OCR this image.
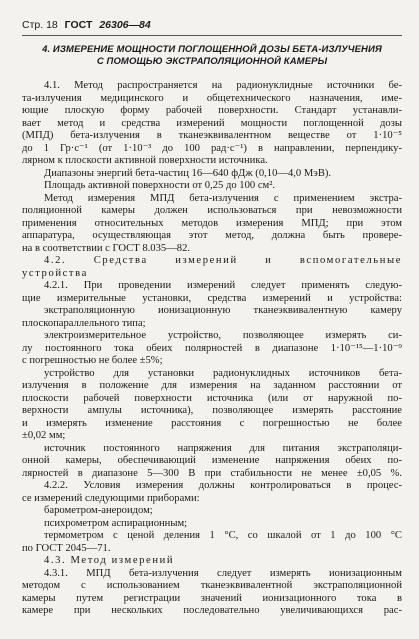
Стр. 18 ГОСТ 26306—84
4. ИЗМЕРЕНИЕ МОЩНОСТИ ПОГЛОЩЕННОЙ ДОЗЫ БЕТА-ИЗЛУЧЕНИЯ
С ПОМОЩЬЮ ЭКСТРАПОЛЯЦИОННОЙ КАМЕРЫ
4.1. Метод распространяется на радионуклидные источники бе-
та-излучения медицинского и общетехнического назначения, име-
ющие плоскую форму рабочей поверхности. Стандарт устанавли-
вает метод и средства измерений мощности поглощенной дозы
(МПД) бета-излучения в тканеэквивалентном веществе от 1·10⁻⁵
до 1 Гр·с⁻¹ (от 1·10⁻³ до 100 рад·с⁻¹) в направлении, перпендику-
лярном к плоскости активной поверхности источника.
Диапазоны энергий бета-частиц 16—640 фДж (0,10—4,0 МэВ).
Площадь активной поверхности от 0,25 до 100 см².
Метод измерения МПД бета-излучения с применением экстра-
поляционной камеры должен использоваться при невозможности
применения относительных методов измерения МПД; при этом
аппаратура, осуществляющая этот метод, должна быть провере-
на в соответствии с ГОСТ 8.035—82.
4.2. Средства измерений и вспомогательные
устройства
4.2.1. При проведении измерений следует применять следую-
щие измерительные установки, средства измерений и устройства:
экстраполяционную ионизационную тканеэквивалентную камеру
плоскопараллельного типа;
электроизмерительное устройство, позволяющее измерять си-
лу постоянного тока обеих полярностей в диапазоне 1·10⁻¹⁵—1·10⁻⁹
с погрешностью не более ±5%;
устройство для установки радионуклидных источников бета-
излучения в положение для измерения на заданном расстоянии от
плоскости рабочей поверхности источника (или от наружной по-
верхности ампулы источника), позволяющее измерять расстояние
и измерять изменение расстояния с погрешностью не более
±0,02 мм;
источник постоянного напряжения для питания экстраполяци-
онной камеры, обеспечивающий изменение напряжения обеих по-
лярностей в диапазоне 5—300 В при стабильности не менее ±0,05 %.
4.2.2. Условия измерения должны контролироваться в процес-
се измерений следующими приборами:
барометром-анероидом;
психрометром аспирационным;
термометром с ценой деления 1 °С, со шкалой от 1 до 100 °С
по ГОСТ 2045—71.
4.3. Метод измерений
4.3.1. МПД бета-излучения следует измерять ионизационным
методом с использованием тканеэквивалентной экстраполяционной
камеры путем регистрации значений ионизационного тока в
камере при нескольких последовательно увеличивающихся рас-
